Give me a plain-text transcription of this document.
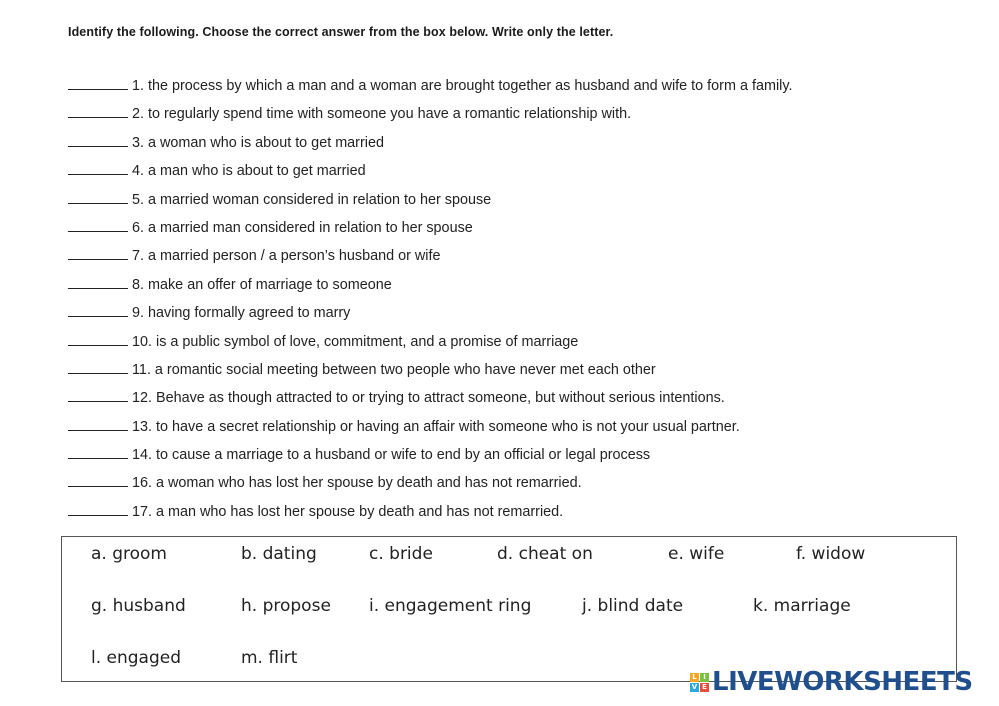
Identify the following. Choose the correct answer from the box below. Write only the letter.
1. the process by which a man and a woman are brought together as husband and wife to form a family.
2. to regularly spend time with someone you have a romantic relationship with.
3. a woman who is about to get married
4. a man who is about to get married
5. a married woman considered in relation to her spouse
6. a married man considered in relation to her spouse
7. a married person / a person’s husband or wife
8. make an offer of marriage to someone
9. having formally agreed to marry
10. is a public symbol of love, commitment, and a promise of marriage
11. a romantic social meeting between two people who have never met each other
12. Behave as though attracted to or trying to attract someone, but without serious intentions.
13. to have a secret relationship or having an affair with someone who is not your usual partner.
14. to cause a marriage to a husband or wife to end by an official or legal process
16. a woman who has lost her spouse by death and has not remarried.
17. a man who has lost her spouse by death and has not remarried.
a. groom	b. dating	c. bride	d. cheat on	e. wife	f. widow
g. husband	h. propose i. engagement ring	j. blind date	k. marriage
l. engaged	m. flirt
L I
V E LIVEWORKSHEETS
